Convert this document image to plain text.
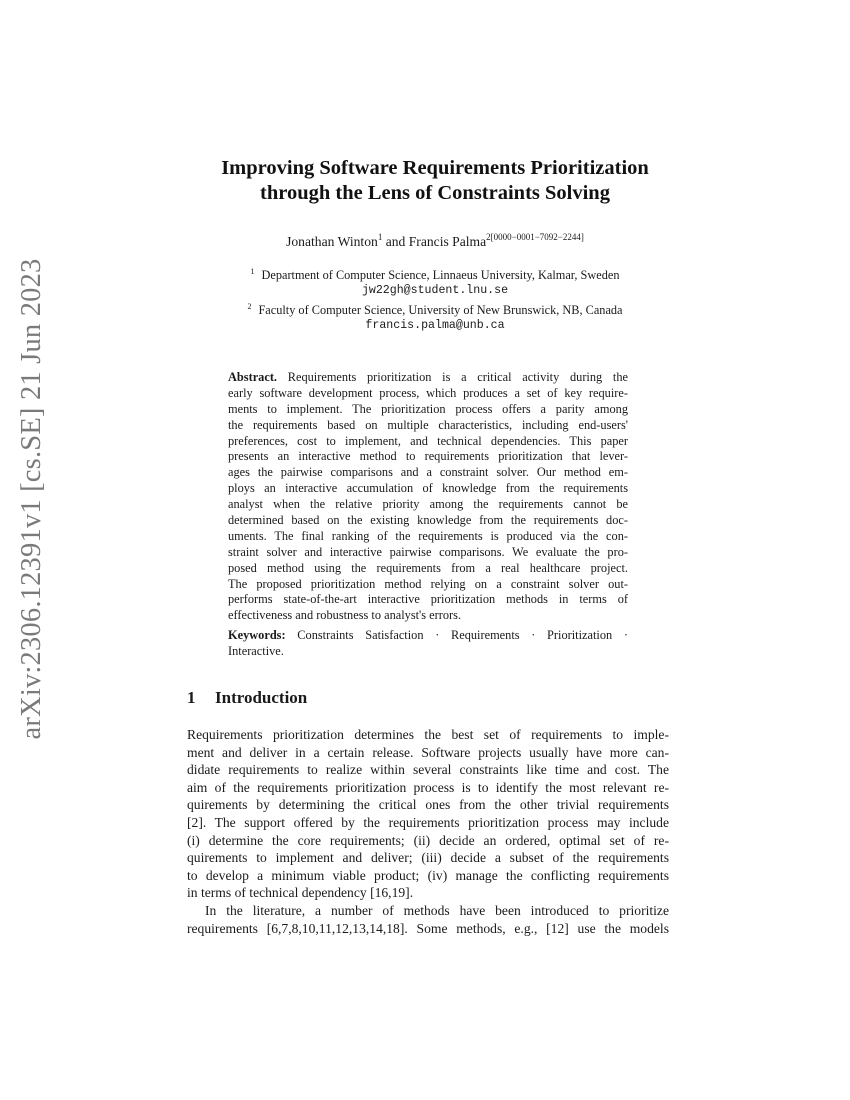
arXiv:2306.12391v1 [cs.SE] 21 Jun 2023
Improving Software Requirements Prioritization
through the Lens of Constraints Solving
Jonathan Winton$^1$ and Francis Palma$^{2[0000-0001-7092-2244]}$
$^1$ Department of Computer Science, Linnaeus University, Kalmar, Sweden
jw22gh@student.lnu.se
$^2$ Faculty of Computer Science, University of New Brunswick, NB, Canada
francis.palma@unb.ca
Abstract. Requirements prioritization is a critical activity during the
early software development process, which produces a set of key require-
ments to implement. The prioritization process offers a parity among
the requirements based on multiple characteristics, including end-users'
preferences, cost to implement, and technical dependencies. This paper
presents an interactive method to requirements prioritization that lever-
ages the pairwise comparisons and a constraint solver. Our method em-
ploys an interactive accumulation of knowledge from the requirements
analyst when the relative priority among the requirements cannot be
determined based on the existing knowledge from the requirements doc-
uments. The final ranking of the requirements is produced via the con-
straint solver and interactive pairwise comparisons. We evaluate the pro-
posed method using the requirements from a real healthcare project.
The proposed prioritization method relying on a constraint solver out-
performs state-of-the-art interactive prioritization methods in terms of
effectiveness and robustness to analyst's errors.
Keywords: Constraints Satisfaction · Requirements · Prioritization ·
Interactive.
1 Introduction
Requirements prioritization determines the best set of requirements to imple-
ment and deliver in a certain release. Software projects usually have more can-
didate requirements to realize within several constraints like time and cost. The
aim of the requirements prioritization process is to identify the most relevant re-
quirements by determining the critical ones from the other trivial requirements
[2]. The support offered by the requirements prioritization process may include
(i) determine the core requirements; (ii) decide an ordered, optimal set of re-
quirements to implement and deliver; (iii) decide a subset of the requirements
to develop a minimum viable product; (iv) manage the conflicting requirements
in terms of technical dependency [16,19].
In the literature, a number of methods have been introduced to prioritize
requirements [6,7,8,10,11,12,13,14,18]. Some methods, e.g., [12] use the models
